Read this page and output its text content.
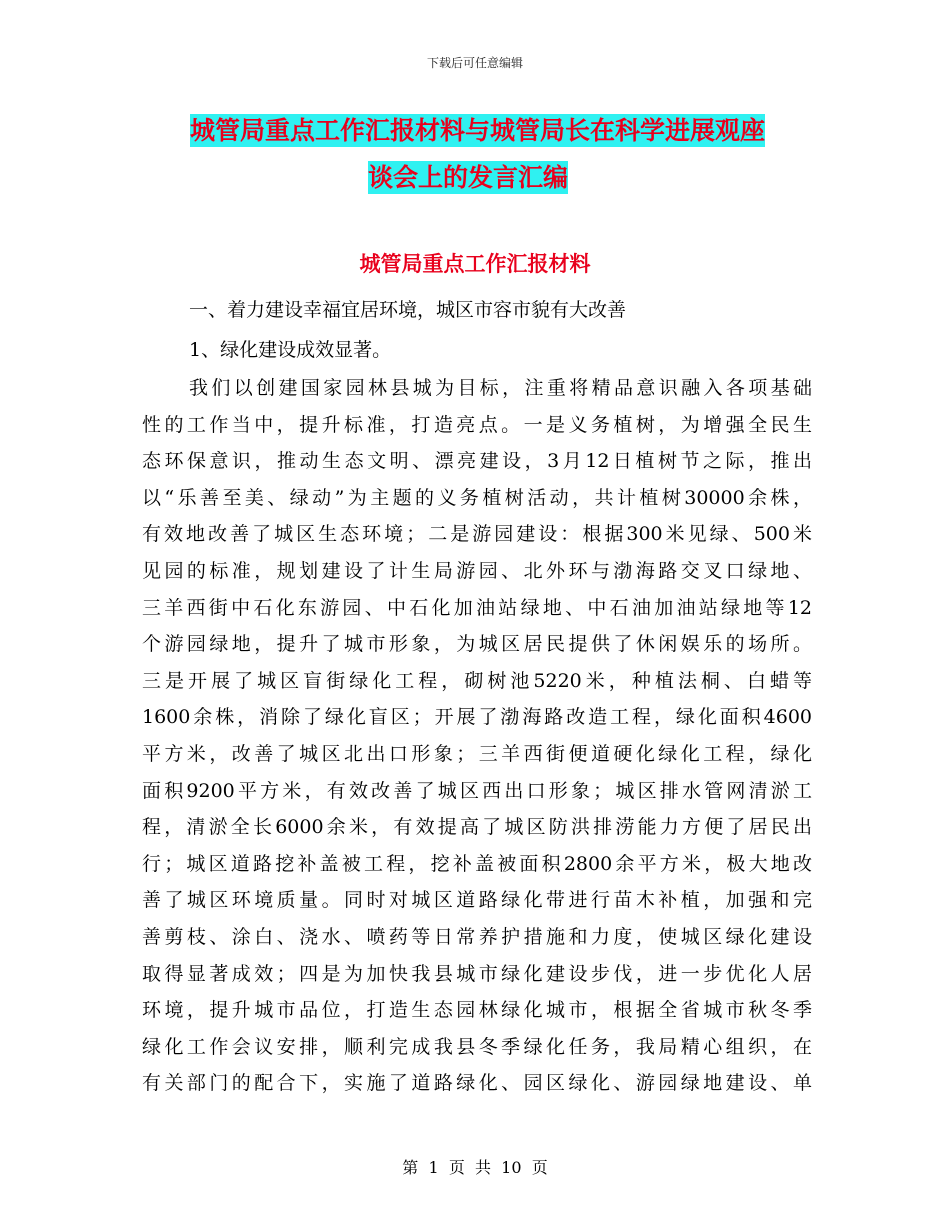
下载后可任意编辑
城管局重点工作汇报材料与城管局长在科学进展观座
谈会上的发言汇编
城管局重点工作汇报材料
一、着力建设幸福宜居环境，城区市容市貌有大改善
1、绿化建设成效显著。
我们以创建国家园林县城为目标，注重将精品意识融入各项基础
性的工作当中，提升标准，打造亮点。一是义务植树，为增强全民生
态环保意识，推动生态文明、漂亮建设，3月12日植树节之际，推出
以“乐善至美、绿动”为主题的义务植树活动，共计植树30000余株，
有效地改善了城区生态环境；二是游园建设：根据300米见绿、500米
见园的标准，规划建设了计生局游园、北外环与渤海路交叉口绿地、
三羊西街中石化东游园、中石化加油站绿地、中石油加油站绿地等12
个游园绿地，提升了城市形象，为城区居民提供了休闲娱乐的场所。
三是开展了城区盲街绿化工程，砌树池5220米，种植法桐、白蜡等
1600余株，消除了绿化盲区；开展了渤海路改造工程，绿化面积4600
平方米，改善了城区北出口形象；三羊西街便道硬化绿化工程，绿化
面积9200平方米，有效改善了城区西出口形象；城区排水管网清淤工
程，清淤全长6000余米，有效提高了城区防洪排涝能力方便了居民出
行；城区道路挖补盖被工程，挖补盖被面积2800余平方米，极大地改
善了城区环境质量。同时对城区道路绿化带进行苗木补植，加强和完
善剪枝、涂白、浇水、喷药等日常养护措施和力度，使城区绿化建设
取得显著成效；四是为加快我县城市绿化建设步伐，进一步优化人居
环境，提升城市品位，打造生态园林绿化城市，根据全省城市秋冬季
绿化工作会议安排，顺利完成我县冬季绿化任务，我局精心组织，在
有关部门的配合下，实施了道路绿化、园区绿化、游园绿地建设、单
第  1  页  共  10  页
